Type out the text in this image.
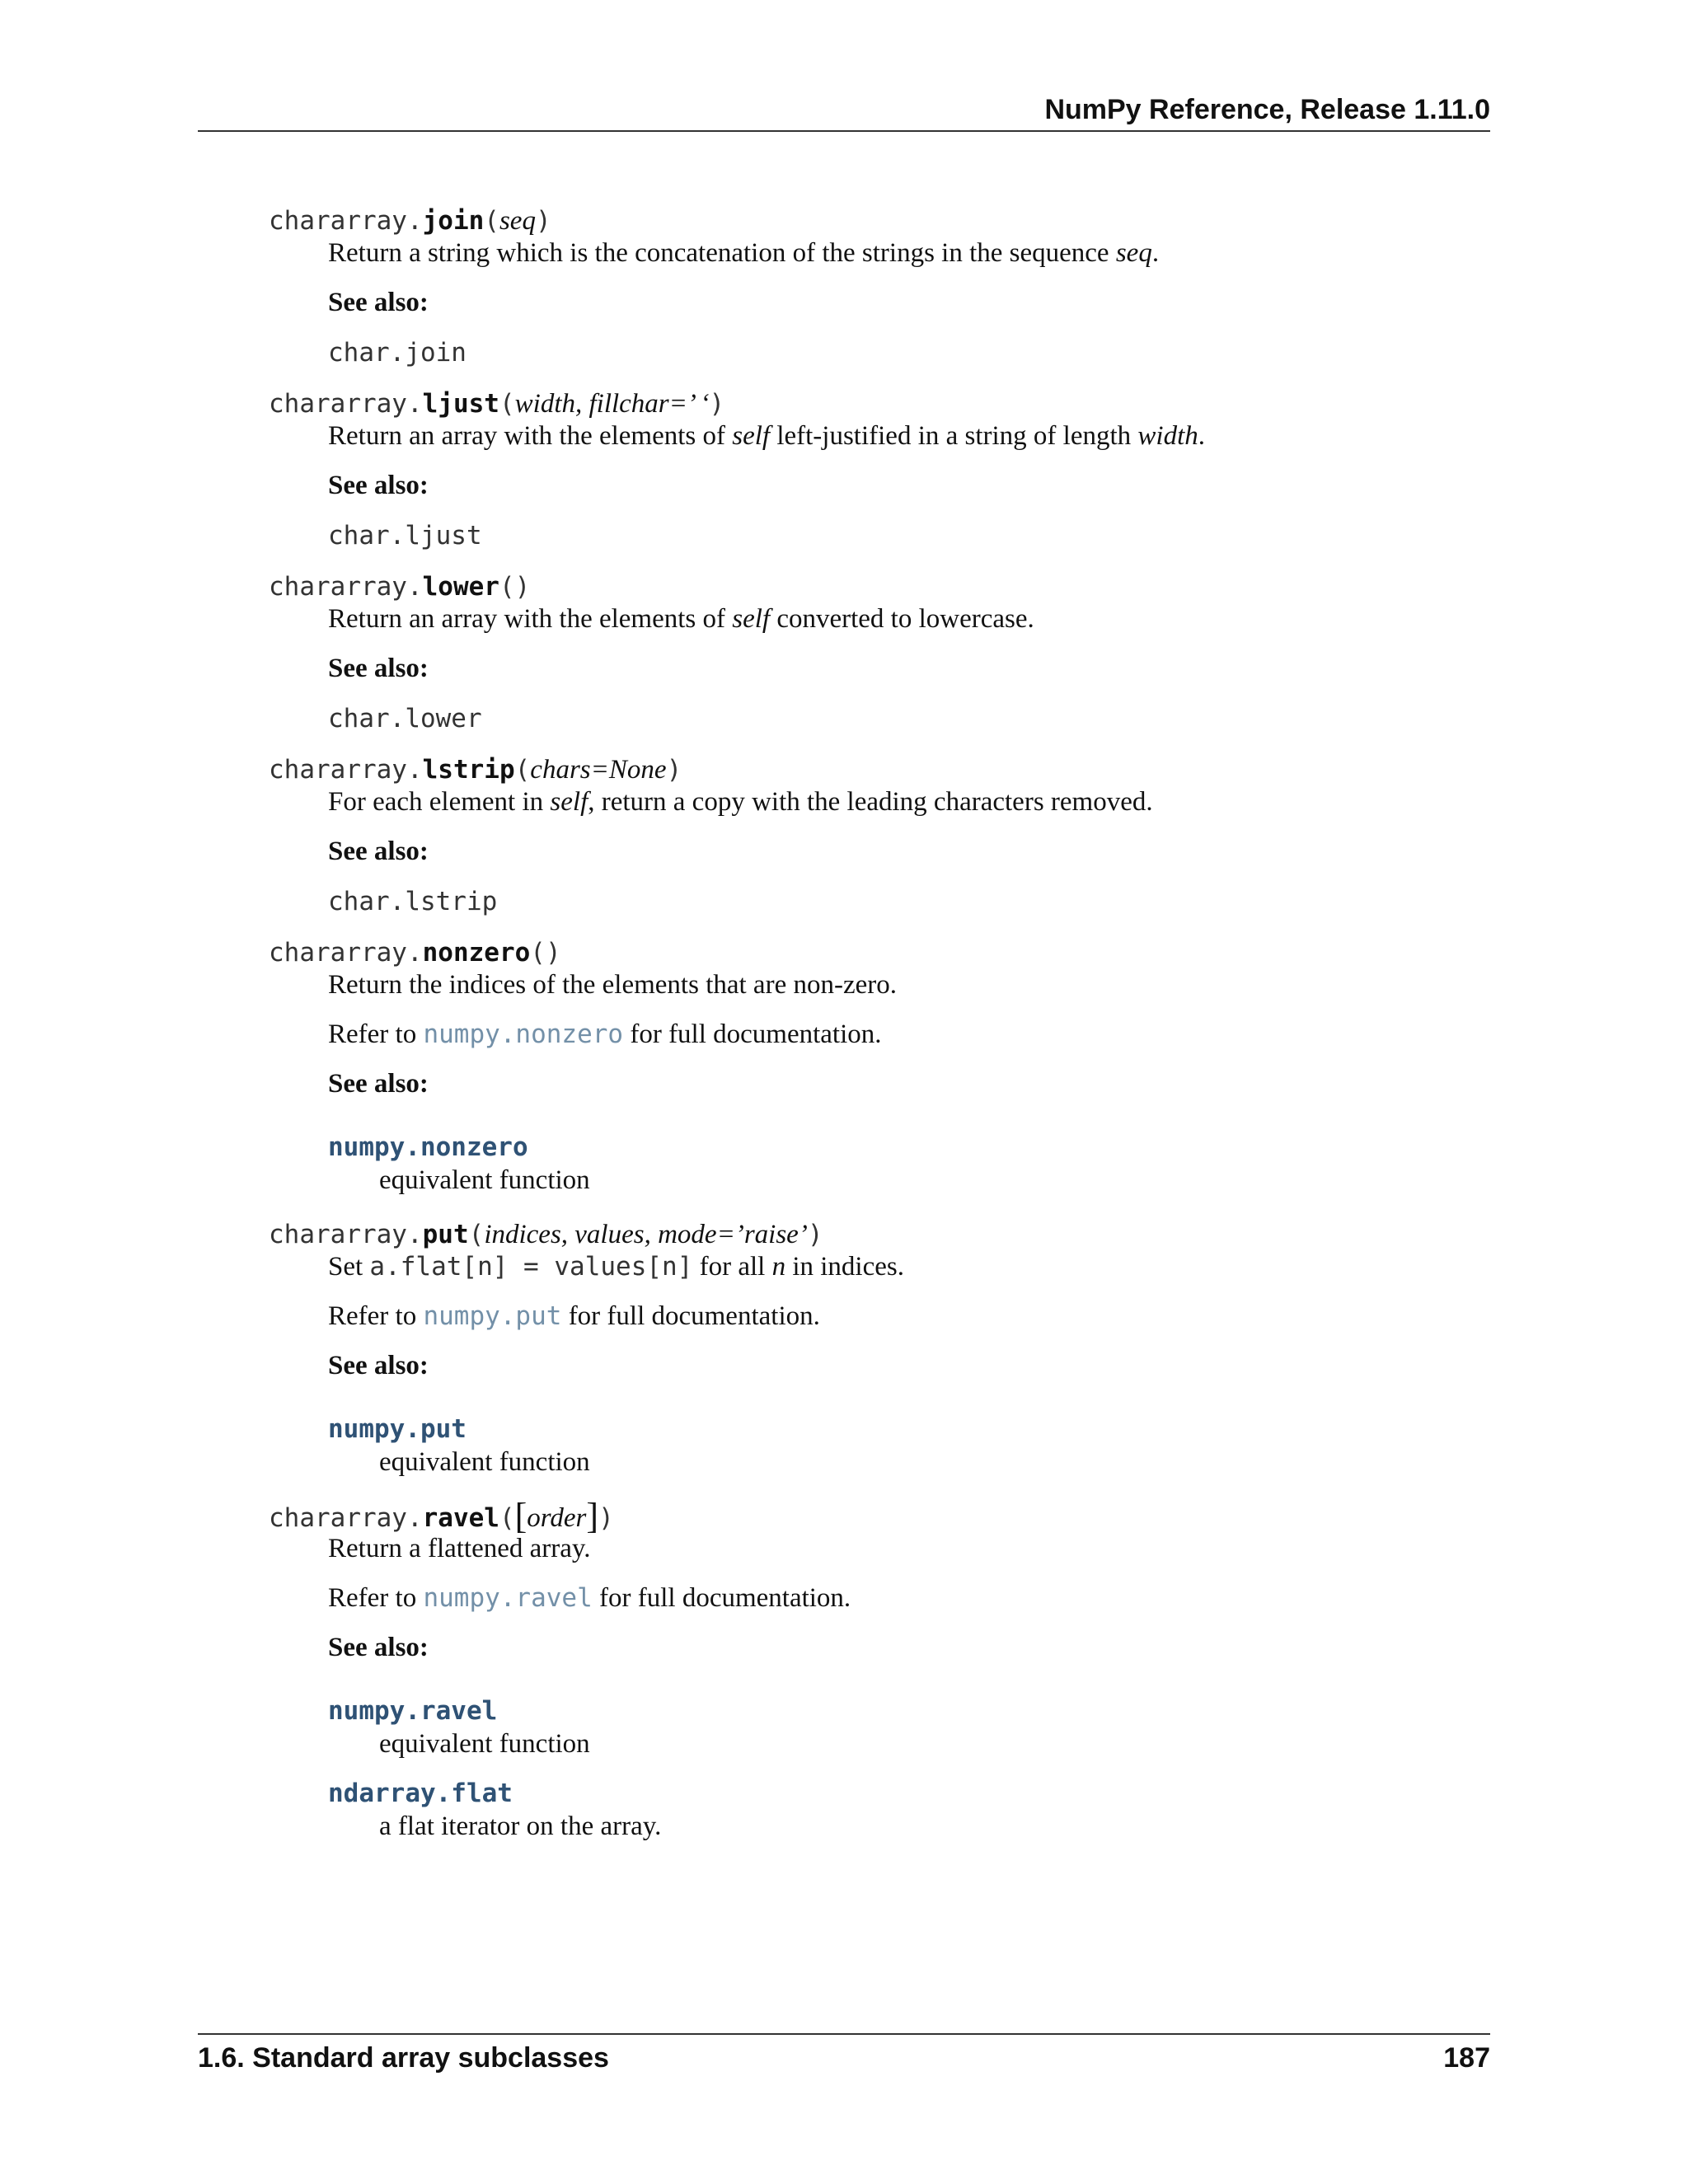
NumPy Reference, Release 1.11.0
chararray.join(seq)

Return a string which is the concatenation of the strings in the sequence seq.

See also:

char.join
chararray.ljust(width, fillchar=’ ‘)

Return an array with the elements of self left-justified in a string of length width.

See also:

char.ljust
chararray.lower()

Return an array with the elements of self converted to lowercase.

See also:

char.lower
chararray.lstrip(chars=None)

For each element in self, return a copy with the leading characters removed.

See also:

char.lstrip
chararray.nonzero()

Return the indices of the elements that are non-zero.

Refer to numpy.nonzero for full documentation.

See also:

numpy.nonzero
equivalent function
chararray.put(indices, values, mode=’raise’)

Set a.flat[n] = values[n] for all n in indices.

Refer to numpy.put for full documentation.

See also:

numpy.put
equivalent function
chararray.ravel([order])

Return a flattened array.

Refer to numpy.ravel for full documentation.

See also:

numpy.ravel
equivalent function
ndarray.flat
a flat iterator on the array.
1.6. Standard array subclasses	187
